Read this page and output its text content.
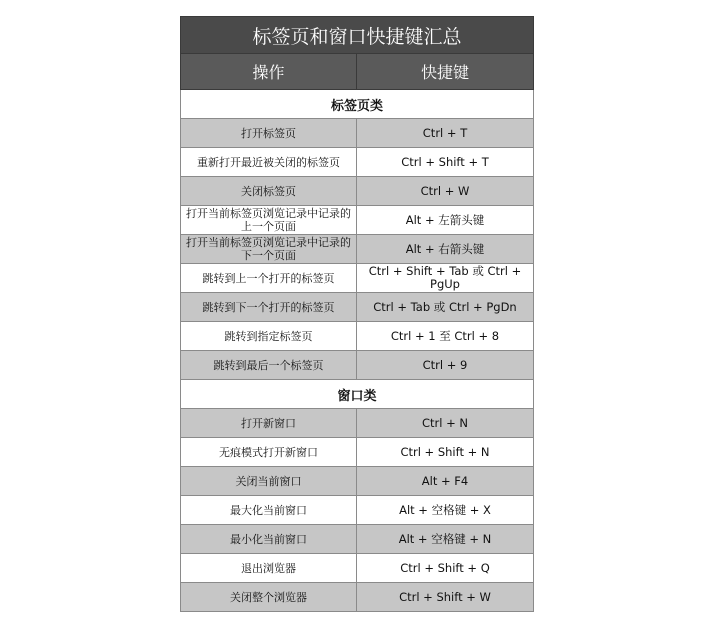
标签页和窗口快捷键汇总
操作	快捷键
标签页类
打开标签页	Ctrl + T
重新打开最近被关闭的标签页	Ctrl + Shift + T
关闭标签页	Ctrl + W
打开当前标签页浏览记录中记录的上一个页面	Alt + 左箭头键
打开当前标签页浏览记录中记录的下一个页面	Alt + 右箭头键
跳转到上一个打开的标签页	Ctrl + Shift + Tab 或 Ctrl + PgUp
跳转到下一个打开的标签页	Ctrl + Tab 或 Ctrl + PgDn
跳转到指定标签页	Ctrl + 1 至 Ctrl + 8
跳转到最后一个标签页	Ctrl + 9
窗口类
打开新窗口	Ctrl + N
无痕模式打开新窗口	Ctrl + Shift + N
关闭当前窗口	Alt + F4
最大化当前窗口	Alt + 空格键 + X
最小化当前窗口	Alt + 空格键 + N
退出浏览器	Ctrl + Shift + Q
关闭整个浏览器	Ctrl + Shift + W
